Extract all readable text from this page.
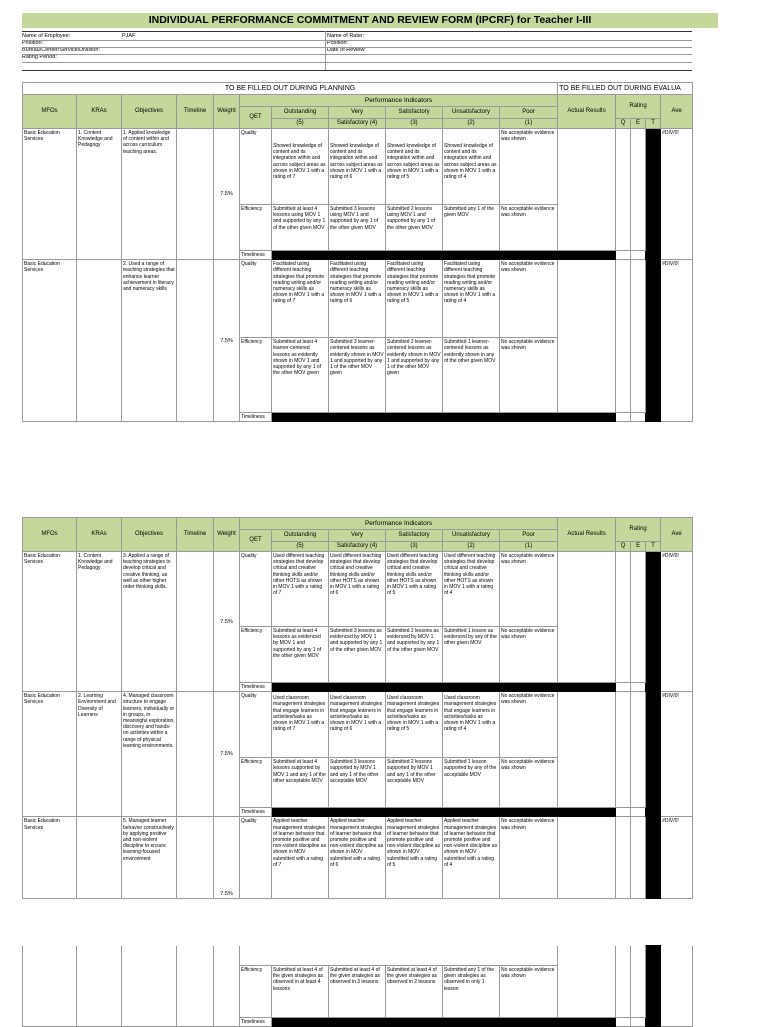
INDIVIDUAL PERFORMANCE COMMITMENT AND REVIEW FORM (IPCRF) for Teacher I-III
Name of Employee:	PJAF
Position:
Bureau/Center/Service/Division:
Rating Period:
Name of Rater:
Position:
Date of Review:
TO BE FILLED OUT DURING PLANNING											TO BE FILLED OUT DURING EVALUA				
MFOs	KRAs	Objectives	Timeline	Weight	Performance Indicators						Actual Results	Rating			Ave
					QET	Outstanding	Very	Satisfactory	Unsatisfactory	Poor					
						(5)	Satisfactory (4)	(3)	(2)	(1)		Q	E	T	
Basic Education Services	1. Content Knowledge and Pedagogy	1. Applied knowledge of content within and across curriculum teaching areas.		7.5%	Quality	Showed knowledge of content and its integration within and across subject areas as shown in MOV 1 with a rating of 7	Showed knowledge of content and its integration within and across subject areas as shown in MOV 1 with a rating of 6	Showed knowledge of content and its integration within and across subject areas as shown in MOV 1 with a rating of 5	Showed knowledge of content and its integration within and across subject areas as shown in MOV 1 with a rating of 4	No acceptable evidence was shown					#DIV/0!
					Efficiency	Submitted at least 4 lessons using MOV 1 and supported by any 1 of the other given MOV	Submitted 3 lessons using MOV 1 and supported by any 1 of the other given MOV	Submitted 2 lessons using MOV 1 and supported by any 1 of the other given MOV	Submitted any 1 of the given MOV	No acceptable evidence was shown					
					Timeliness										
Basic Education Services		2. Used a range of teaching strategies that enhance learner achievement in literacy and numeracy skills		7.5%	Quality	Facilitated using different teaching strategies that promote reading writing and/or numeracy skills as shown in MOV 1 with a rating of 7	Facilitated using different teaching strategies that promote reading writing and/or numeracy skills as shown in MOV 1 with a rating of 6	Facilitated using different teaching strategies that promote reading writing and/or numeracy skills as shown in MOV 1 with a rating of 5	Facilitated using different teaching strategies that promote reading writing and/or numeracy skills as shown in MOV 1 with a rating of 4	No acceptable evidence was shown					#DIV/0!
					Efficiency	Submitted at least 4 learner-centered lessons as evidently shown in MOV 1 and supported by any 1 of the other MOV given	Submitted 3 learner-centered lessons as evidently shown in MOV 1 and supported by any 1 of the other MOV given	Submitted 2 learner-centered lessons as evidently shown in MOV 1 and supported by any 1 of the other MOV given	Submitted 1 learner-centered lessons as evidently shown in any of the other given MOV	No acceptable evidence was shown					
					Timeliness										
MFOs	KRAs	Objectives	Timeline	Weight	Performance Indicators						Actual Results	Rating			Ave
					QET	Outstanding	Very	Satisfactory	Unsatisfactory	Poor					
						(5)	Satisfactory (4)	(3)	(2)	(1)		Q	E	T	
Basic Education Services	1. Content Knowledge and Pedagogy	3. Applied a range of teaching strategies to develop critical and creative thinking, as well as other higher order thinking skills.		7.5%	Quality	Used different teaching strategies that develop critical and creative thinking skills and/or other HOTS as shown in MOV 1 with a rating of 7	Used different teaching strategies that develop critical and creative thinking skills and/or other HOTS as shown in MOV 1 with a rating of 6	Used different teaching strategies that develop critical and creative thinking skills and/or other HOTS as shown in MOV 1 with a rating of 5	Used different teaching strategies that develop critical and creative thinking skills and/or other HOTS as shown in MOV 1 with a rating of 4	No acceptable evidence was shown					#DIV/0!
					Efficiency	Submitted at least 4 lessons as evidenced by MOV 1 and supported by any 1 of the other given MOV	Submitted 3 lessons as evidenced by MOV 1 and supported by any 1 of the other given MOV	Submitted 2 lessons as evidenced by MOV 1 and supported by any 1 of the other given MOV	Submitted 1 lesson as evidenced by any of the other given MOV	No acceptable evidence was shown					
					Timeliness										
Basic Education Services	2. Learning Environment and Diversity of Learners	4. Managed classroom structure to engage learners, individually or in groups, in meaningful exploration, discovery and hands-on activities within a range of physical learning environments.		7.5%	Quality	Used classroom management strategies that engage learners in activities/tasks as shown in MOV 1 with a rating of 7	Used classroom management strategies that engage learners in activities/tasks as shown in MOV 1 with a rating of 6	Used classroom management strategies that engage learners in activities/tasks as shown in MOV 1 with a rating of 5	Used classroom management strategies that engage learners in activities/tasks as shown in MOV 1 with a rating of 4	No acceptable evidence was shown					#DIV/0!
					Efficiency	Submitted at least 4 lessons supported by MOV 1 and any 1 of the other acceptable MOV	Submitted 3 lessons supported by MOV 1 and any 1 of the other acceptable MOV	Submitted 2 lessons supported by MOV 1 and any 1 of the other acceptable MOV	Submitted 1 lesson supported by any of the acceptable MOV	No acceptable evidence was shown					
					Timeliness										
Basic Education Services		5. Managed learner behavior constructively by applying positive and non-violent discipline to ensure learning-focused environment		7.5%	Quality	Applied teacher management strategies of learner behavior that promote positive and non-violent discipline as shown in MOV submitted with a rating of 7	Applied teacher management strategies of learner behavior that promote positive and non-violent discipline as shown in MOV submitted with a rating of 6	Applied teacher management strategies of learner behavior that promote positive and non-violent discipline as shown in MOV submitted with a rating of 5	Applied teacher management strategies of learner behavior that promote positive and non-violent discipline as shown in MOV submitted with a rating of 4	No acceptable evidence was shown					#DIV/0!

					Efficiency	Submitted at least 4 of the given strategies as observed in at least 4 lessons	Submitted at least 4 of the given strategies as observed in 3 lessons	Submitted at least 4 of the given strategies as observed in 2 lessons	Submitted any 1 of the given strategies as observed in only 1 lesson	No acceptable evidence was shown					
					Timeliness										
